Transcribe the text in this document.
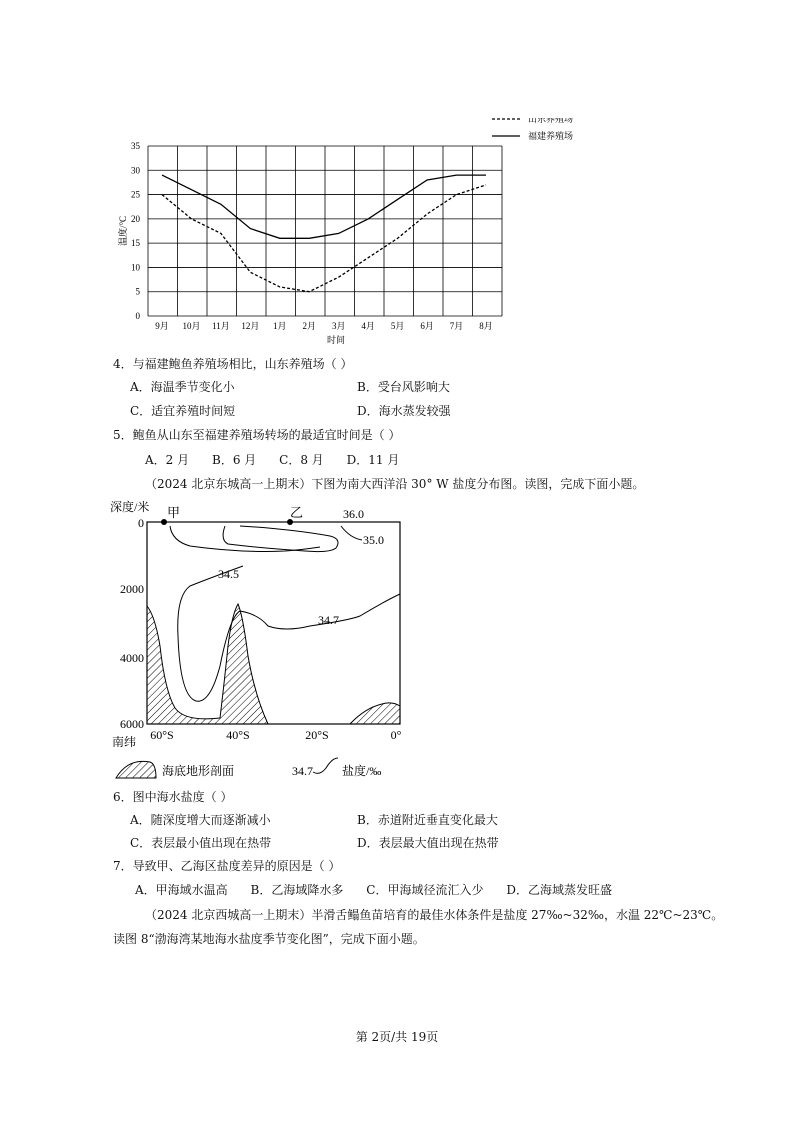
0
5
10
15
20
25
30
35
9月 10月 11月 12月 1月 2月 3月 4月 5月 6月 7月 8月
山东养殖场
福建养殖场
温度/°C
时间
4．与福建鲍鱼养殖场相比，山东养殖场（ ）
A．海温季节变化小	B．受台风影响大
C．适宜养殖时间短	D．海水蒸发较强
5．鲍鱼从山东至福建养殖场转场的最适宜时间是（ ）
A．2 月      B．6 月      C．8 月      D．11 月
（2024 北京东城高一上期末）下图为南大西洋沿 30° W 盐度分布图。读图，完成下面小题。
深度/米
0
2000
4000
6000
南纬 60°S	40°S	20°S	0°
36.0
35.0
34.5
34.7
甲	乙
海底地形剖面	34.7 盐度/‰
6．图中海水盐度（ ）
A．随深度增大而逐渐减小	B．赤道附近垂直变化最大
C．表层最小值出现在热带	D．表层最大值出现在热带
7．导致甲、乙海区盐度差异的原因是（ ）
A．甲海域水温高      B．乙海域降水多      C．甲海域径流汇入少      D．乙海域蒸发旺盛
（2024 北京西城高一上期末）半滑舌鳎鱼苗培育的最佳水体条件是盐度 27‰~32‰，水温 22℃~23℃。
读图 8“渤海湾某地海水盐度季节变化图”，完成下面小题。
第 2页/共 19页
